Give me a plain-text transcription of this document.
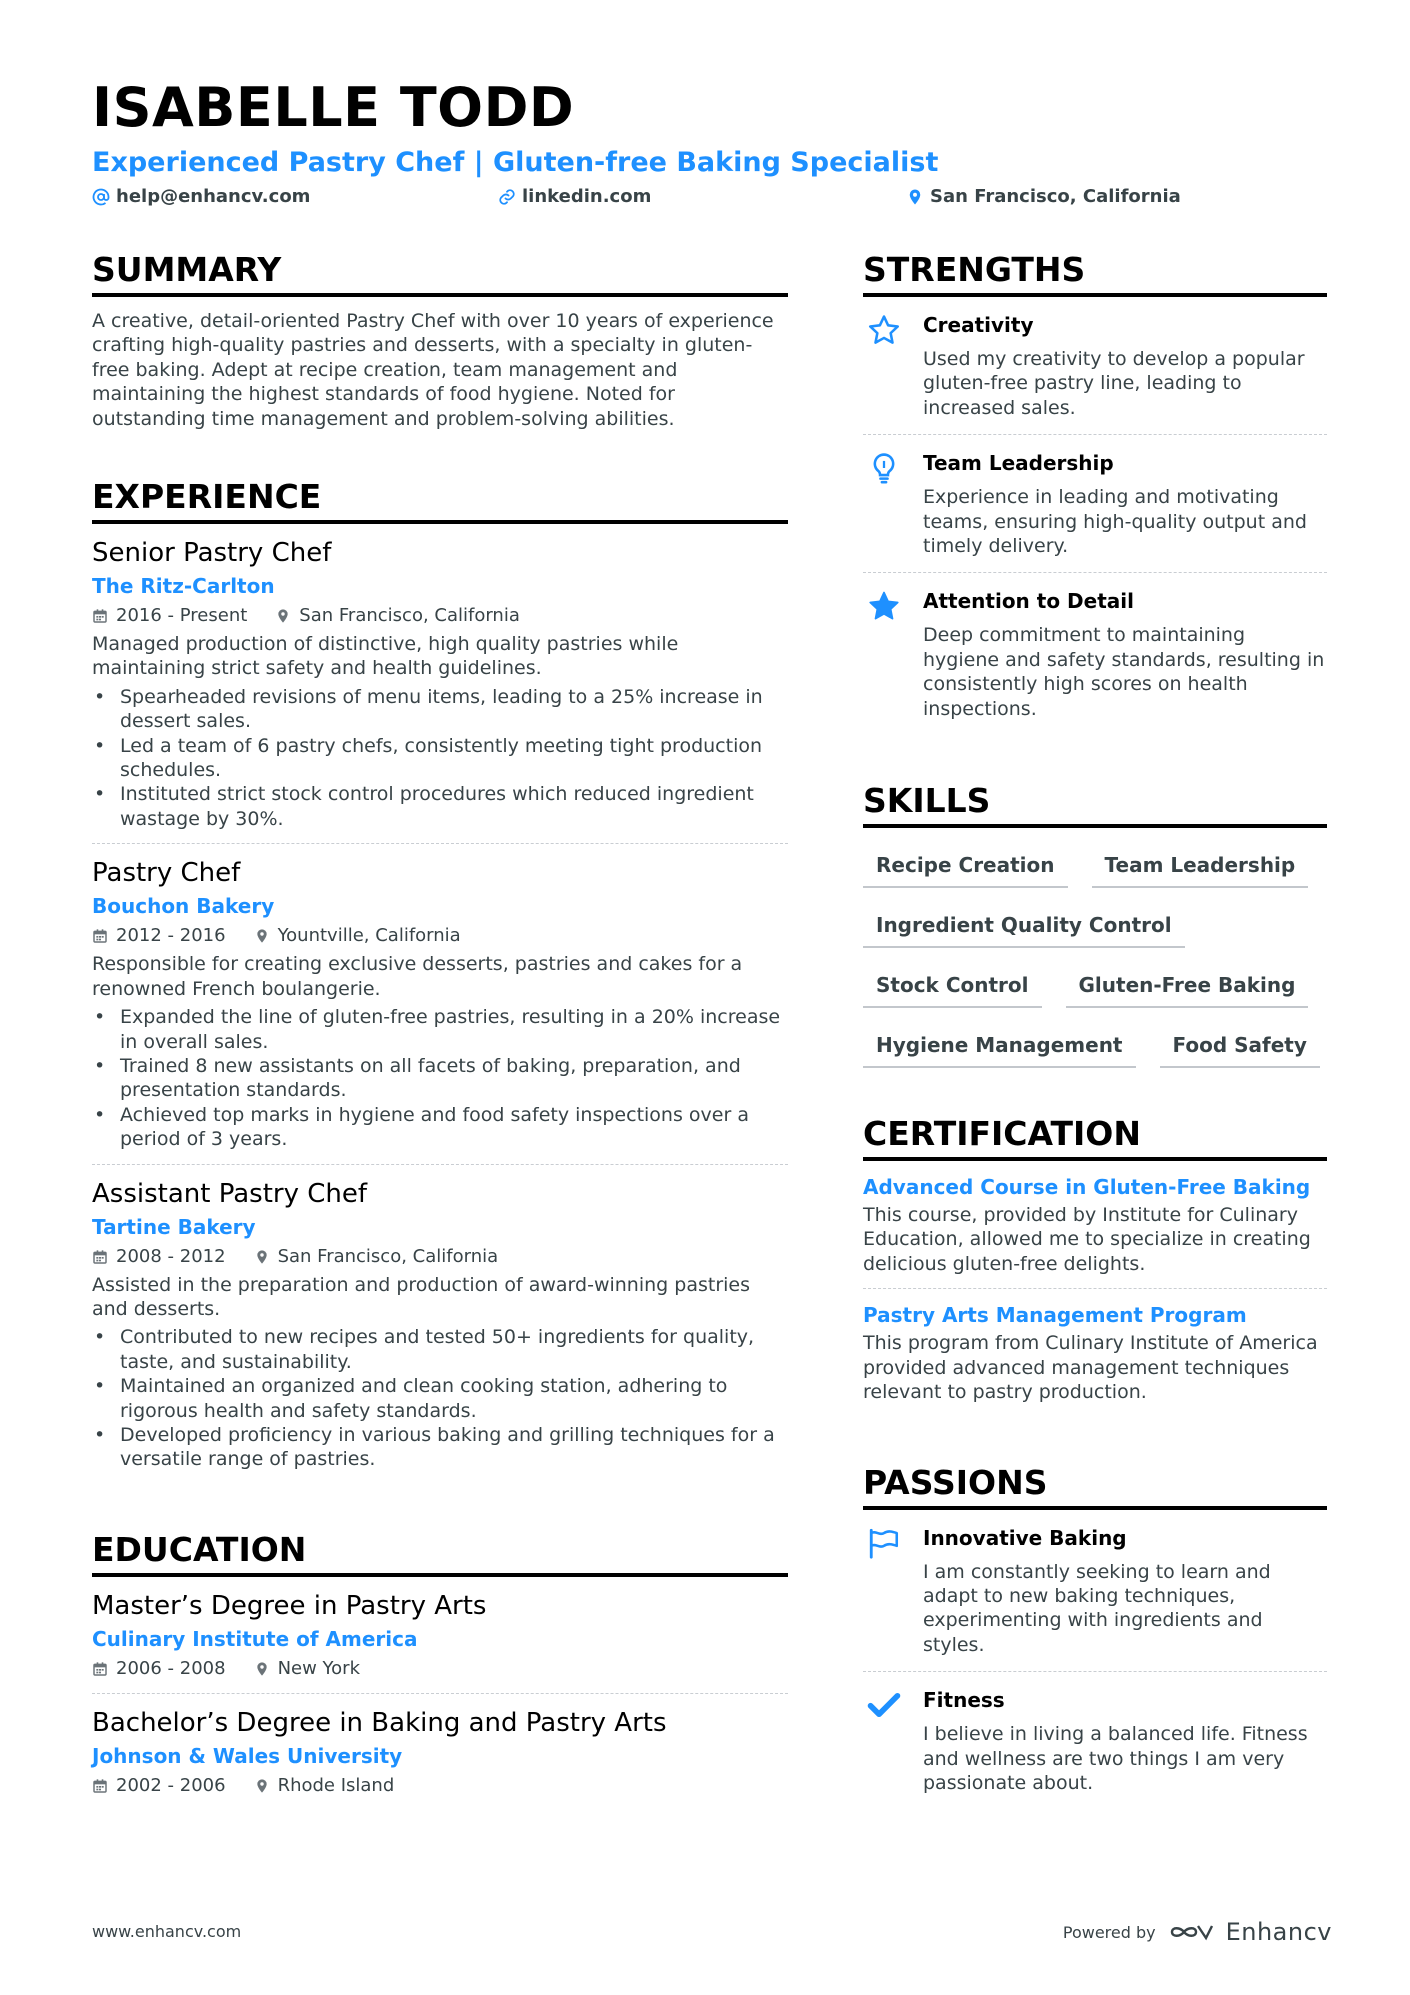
ISABELLE TODD
Experienced Pastry Chef | Gluten-free Baking Specialist
help@enhancv.com	linkedin.com	San Francisco, California
SUMMARY
A creative, detail-oriented Pastry Chef with over 10 years of experience crafting high-quality pastries and desserts, with a specialty in gluten-free baking. Adept at recipe creation, team management and maintaining the highest standards of food hygiene. Noted for outstanding time management and problem-solving abilities.
EXPERIENCE
Senior Pastry Chef
The Ritz-Carlton
2016 - Present	San Francisco, California
Managed production of distinctive, high quality pastries while maintaining strict safety and health guidelines.
• Spearheaded revisions of menu items, leading to a 25% increase in dessert sales.
• Led a team of 6 pastry chefs, consistently meeting tight production schedules.
• Instituted strict stock control procedures which reduced ingredient wastage by 30%.
Pastry Chef
Bouchon Bakery
2012 - 2016	Yountville, California
Responsible for creating exclusive desserts, pastries and cakes for a renowned French boulangerie.
• Expanded the line of gluten-free pastries, resulting in a 20% increase in overall sales.
• Trained 8 new assistants on all facets of baking, preparation, and presentation standards.
• Achieved top marks in hygiene and food safety inspections over a period of 3 years.
Assistant Pastry Chef
Tartine Bakery
2008 - 2012	San Francisco, California
Assisted in the preparation and production of award-winning pastries and desserts.
• Contributed to new recipes and tested 50+ ingredients for quality, taste, and sustainability.
• Maintained an organized and clean cooking station, adhering to rigorous health and safety standards.
• Developed proficiency in various baking and grilling techniques for a versatile range of pastries.
EDUCATION
Master’s Degree in Pastry Arts
Culinary Institute of America
2006 - 2008	New York
Bachelor’s Degree in Baking and Pastry Arts
Johnson & Wales University
2002 - 2006	Rhode Island
STRENGTHS
Creativity
Used my creativity to develop a popular gluten-free pastry line, leading to increased sales.
Team Leadership
Experience in leading and motivating teams, ensuring high-quality output and timely delivery.
Attention to Detail
Deep commitment to maintaining hygiene and safety standards, resulting in consistently high scores on health inspections.
SKILLS
Recipe Creation	Team Leadership
Ingredient Quality Control
Stock Control	Gluten-Free Baking
Hygiene Management	Food Safety
CERTIFICATION
Advanced Course in Gluten-Free Baking
This course, provided by Institute for Culinary Education, allowed me to specialize in creating delicious gluten-free delights.
Pastry Arts Management Program
This program from Culinary Institute of America provided advanced management techniques relevant to pastry production.
PASSIONS
Innovative Baking
I am constantly seeking to learn and adapt to new baking techniques, experimenting with ingredients and styles.
Fitness
I believe in living a balanced life. Fitness and wellness are two things I am very passionate about.
www.enhancv.com	Powered by	Enhancv
